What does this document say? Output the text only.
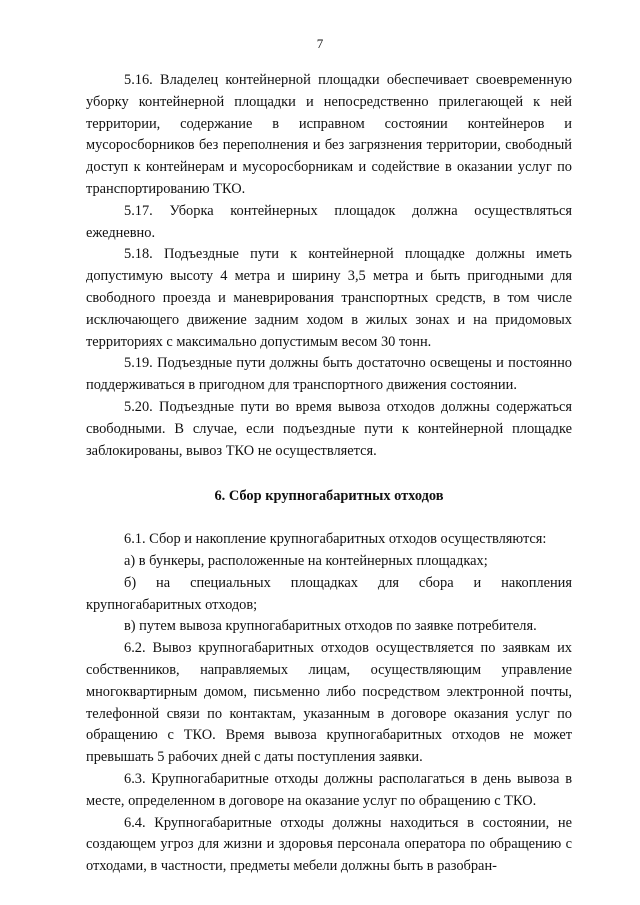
7

5.16. Владелец контейнерной площадки обеспечивает своевременную уборку контейнерной площадки и непосредственно прилегающей к ней территории, содержание в исправном состоянии контейнеров и мусоросборников без переполнения и без загрязнения территории, свободный доступ к контейнерам и мусоросборникам и содействие в оказании услуг по транспортированию ТКО.

5.17. Уборка контейнерных площадок должна осуществляться ежедневно.

5.18. Подъездные пути к контейнерной площадке должны иметь допустимую высоту 4 метра и ширину 3,5 метра и быть пригодными для свободного проезда и маневрирования транспортных средств, в том числе исключающего движение задним ходом в жилых зонах и на придомовых территориях с максимально допустимым весом 30 тонн.

5.19. Подъездные пути должны быть достаточно освещены и постоянно поддерживаться в пригодном для транспортного движения состоянии.

5.20. Подъездные пути во время вывоза отходов должны содержаться свободными. В случае, если подъездные пути к контейнерной площадке заблокированы, вывоз ТКО не осуществляется.

6. Сбор крупногабаритных отходов

6.1. Сбор и накопление крупногабаритных отходов осуществляются:

а) в бункеры, расположенные на контейнерных площадках;

б) на специальных площадках для сбора и накопления крупногабаритных отходов;

в) путем вывоза крупногабаритных отходов по заявке потребителя.

6.2. Вывоз крупногабаритных отходов осуществляется по заявкам их собственников, направляемых лицам, осуществляющим управление многоквартирным домом, письменно либо посредством электронной почты, телефонной связи по контактам, указанным в договоре оказания услуг по обращению с ТКО. Время вывоза крупногабаритных отходов не может превышать 5 рабочих дней с даты поступления заявки.

6.3. Крупногабаритные отходы должны располагаться в день вывоза в месте, определенном в договоре на оказание услуг по обращению с ТКО.

6.4. Крупногабаритные отходы должны находиться в состоянии, не создающем угроз для жизни и здоровья персонала оператора по обращению с отходами, в частности, предметы мебели должны быть в разобран-
